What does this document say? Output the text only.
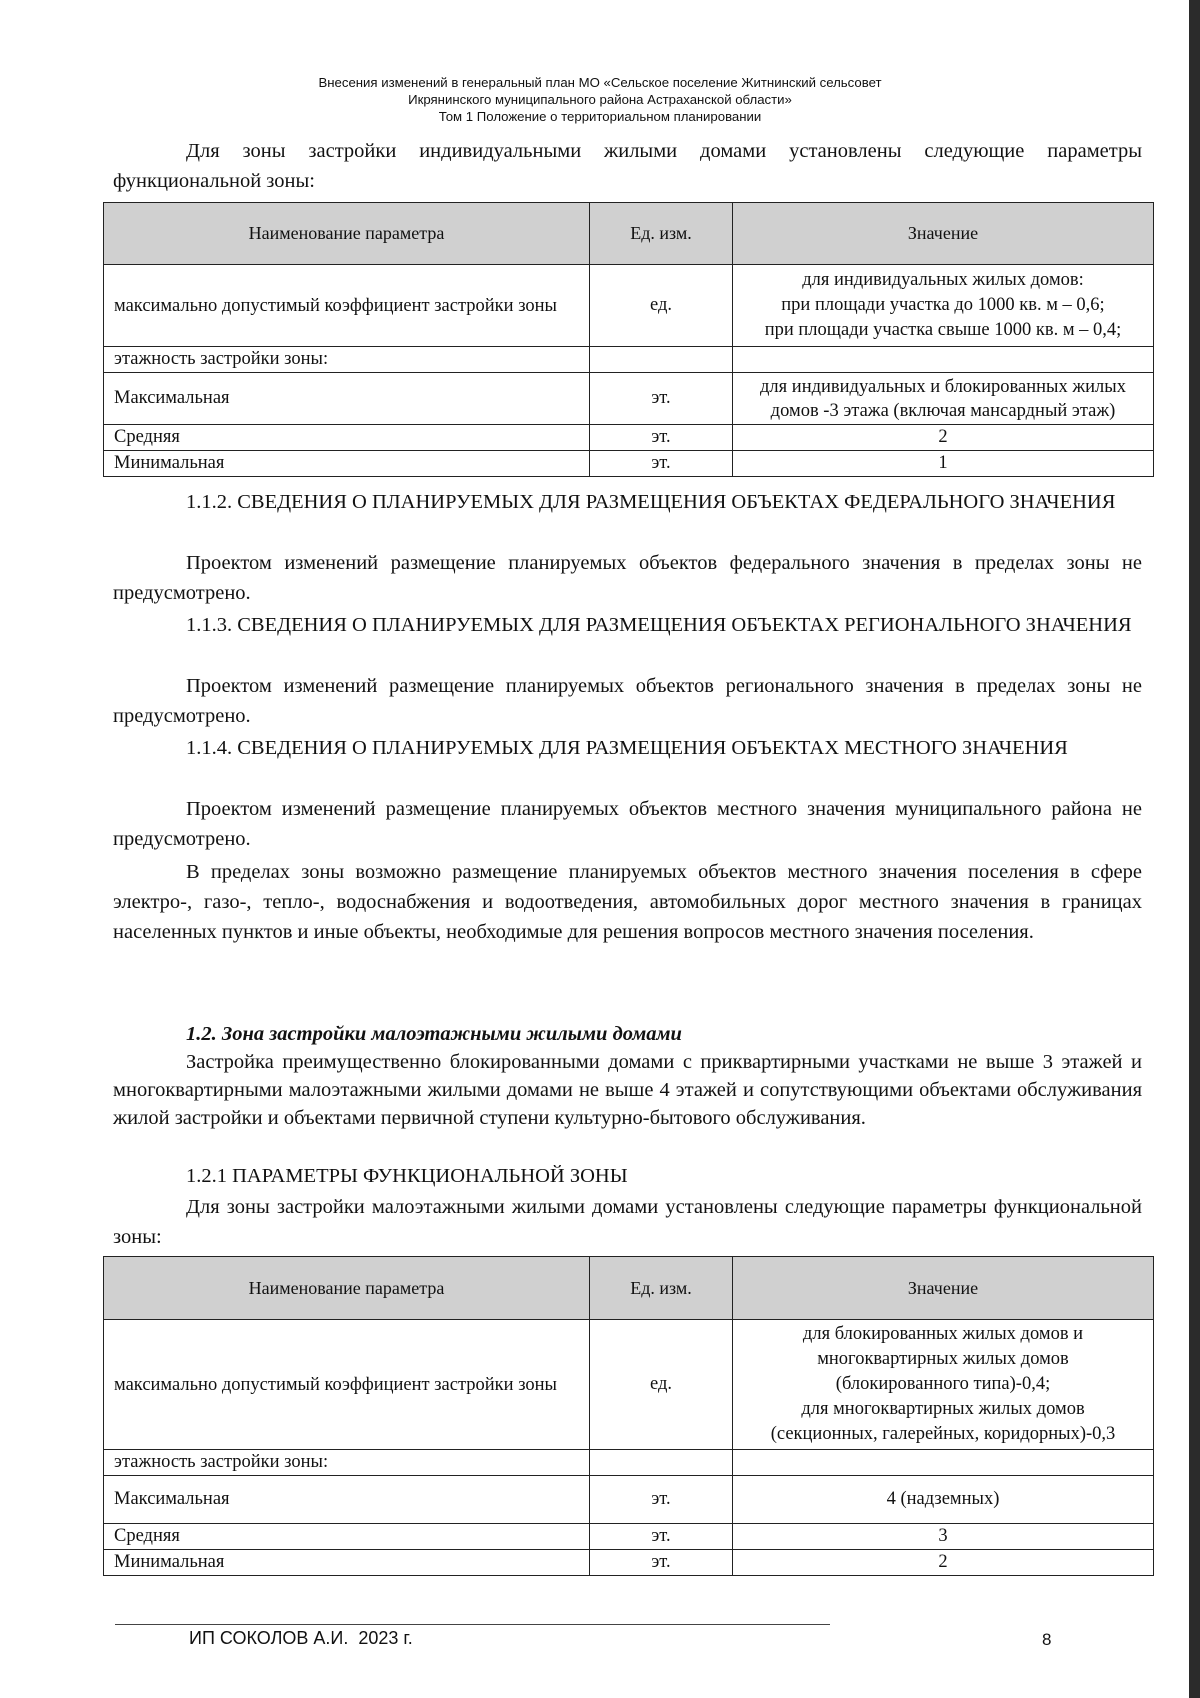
Внесения изменений в генеральный план МО «Сельское поселение Житнинский сельсовет
Икрянинского муниципального района Астраханской области»
Том 1 Положение о территориальном планировании

Для зоны застройки индивидуальными жилыми домами установлены следующие параметры функциональной зоны:

Наименование параметра	Ед. изм.	Значение
максимально допустимый коэффициент застройки зоны	ед.	для индивидуальных жилых домов:
при площади участка до 1000 кв. м – 0,6;
при площади участка свыше 1000 кв. м – 0,4;

этажность застройки зоны:		
Максимальная	эт.	для индивидуальных и блокированных жилых
домов -3 этажа (включая мансардный этаж)

Средняя	эт.	2
Минимальная	эт.	1

1.1.2. СВЕДЕНИЯ О ПЛАНИРУЕМЫХ ДЛЯ РАЗМЕЩЕНИЯ ОБЪЕКТАХ ФЕДЕРАЛЬНОГО ЗНАЧЕНИЯ

Проектом изменений размещение планируемых объектов федерального значения в пределах зоны не предусмотрено.

1.1.3. СВЕДЕНИЯ О ПЛАНИРУЕМЫХ ДЛЯ РАЗМЕЩЕНИЯ ОБЪЕКТАХ РЕГИОНАЛЬНОГО ЗНАЧЕНИЯ

Проектом изменений размещение планируемых объектов регионального значения в пределах зоны не предусмотрено.

1.1.4. СВЕДЕНИЯ О ПЛАНИРУЕМЫХ ДЛЯ РАЗМЕЩЕНИЯ ОБЪЕКТАХ МЕСТНОГО ЗНАЧЕНИЯ

Проектом изменений размещение планируемых объектов местного значения муниципального района не предусмотрено.

В пределах зоны возможно размещение планируемых объектов местного значения поселения в сфере электро-, газо-, тепло-, водоснабжения и водоотведения, автомобильных дорог местного значения в границах населенных пунктов и иные объекты, необходимые для решения вопросов местного значения поселения.

1.2. Зона застройки малоэтажными жилыми домами

Застройка преимущественно блокированными домами с приквартирными участками не выше 3 этажей и многоквартирными малоэтажными жилыми домами не выше 4 этажей и сопутствующими объектами обслуживания жилой застройки и объектами первичной ступени культурно-бытового обслуживания.

1.2.1 ПАРАМЕТРЫ ФУНКЦИОНАЛЬНОЙ ЗОНЫ

Для зоны застройки малоэтажными жилыми домами установлены следующие параметры функциональной зоны:

Наименование параметра	Ед. изм.	Значение
максимально допустимый коэффициент застройки зоны	ед.	для блокированных жилых домов и
многоквартирных жилых домов
(блокированного типа)-0,4;
для многоквартирных жилых домов
(секционных, галерейных, коридорных)-0,3

этажность застройки зоны:		
Максимальная	эт.	4 (надземных)
Средняя	эт.	3
Минимальная	эт.	2
ИП СОКОЛОВ А.И.  2023 г.	8
